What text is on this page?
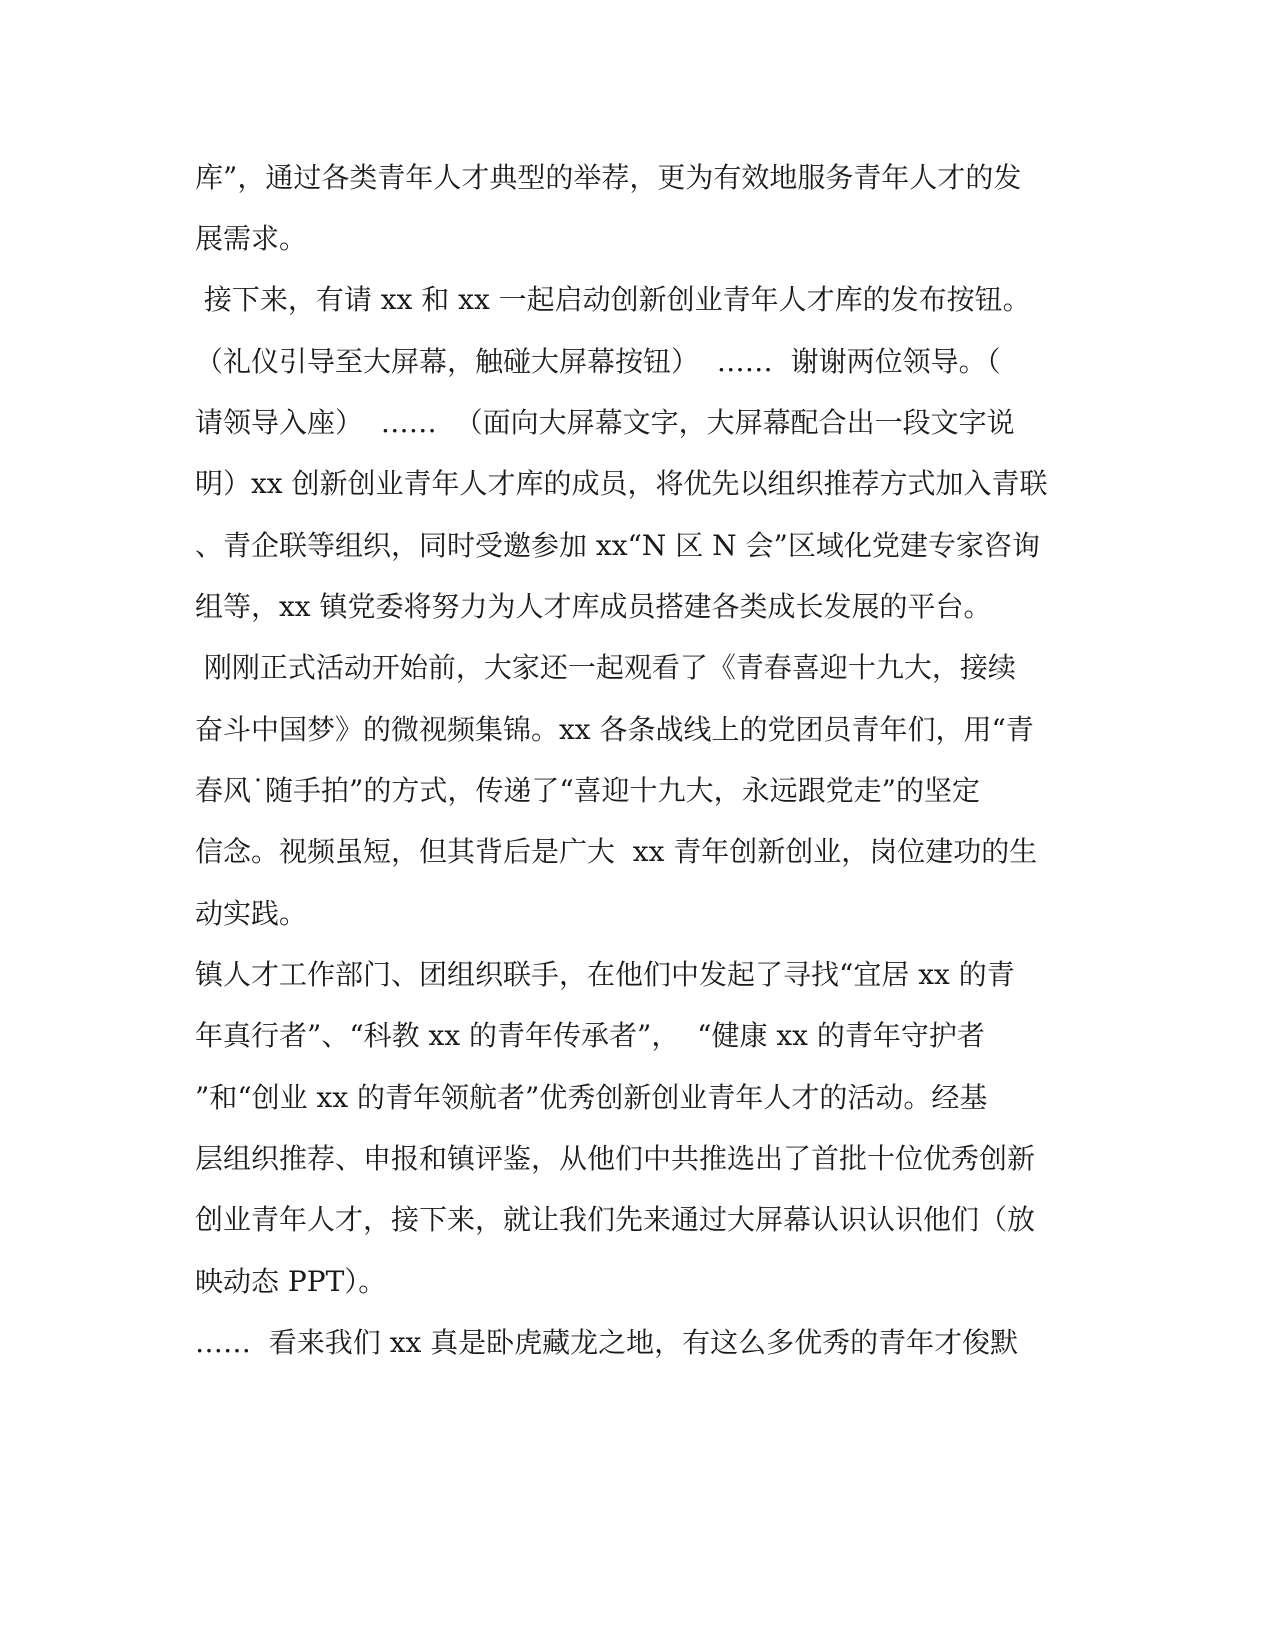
库”，通过各类青年人才典型的举荐，更为有效地服务青年人才的发
展需求。
接下来，有请 xx 和 xx 一起启动创新创业青年人才库的发布按钮。
（礼仪引导至大屏幕，触碰大屏幕按钮）  ……  谢谢两位领导。（
请领导入座）  ……  （面向大屏幕文字，大屏幕配合出一段文字说
明）xx 创新创业青年人才库的成员，将优先以组织推荐方式加入青联
、青企联等组织，同时受邀参加 xx“N 区 N 会”区域化党建专家咨询
组等，xx 镇党委将努力为人才库成员搭建各类成长发展的平台。
刚刚正式活动开始前，大家还一起观看了《青春喜迎十九大，接续
奋斗中国梦》的微视频集锦。xx 各条战线上的党团员青年们，用“青
春风˙随手拍”的方式，传递了“喜迎十九大，永远跟党走”的坚定
信念。视频虽短，但其背后是广大  xx 青年创新创业，岗位建功的生
动实践。
镇人才工作部门、团组织联手，在他们中发起了寻找“宜居 xx 的青
年真行者”、“科教 xx 的青年传承者”，  “健康 xx 的青年守护者
”和“创业 xx 的青年领航者”优秀创新创业青年人才的活动。经基
层组织推荐、申报和镇评鉴，从他们中共推选出了首批十位优秀创新
创业青年人才，接下来，就让我们先来通过大屏幕认识认识他们（放
映动态 PPT）。
……  看来我们 xx 真是卧虎藏龙之地，有这么多优秀的青年才俊默
